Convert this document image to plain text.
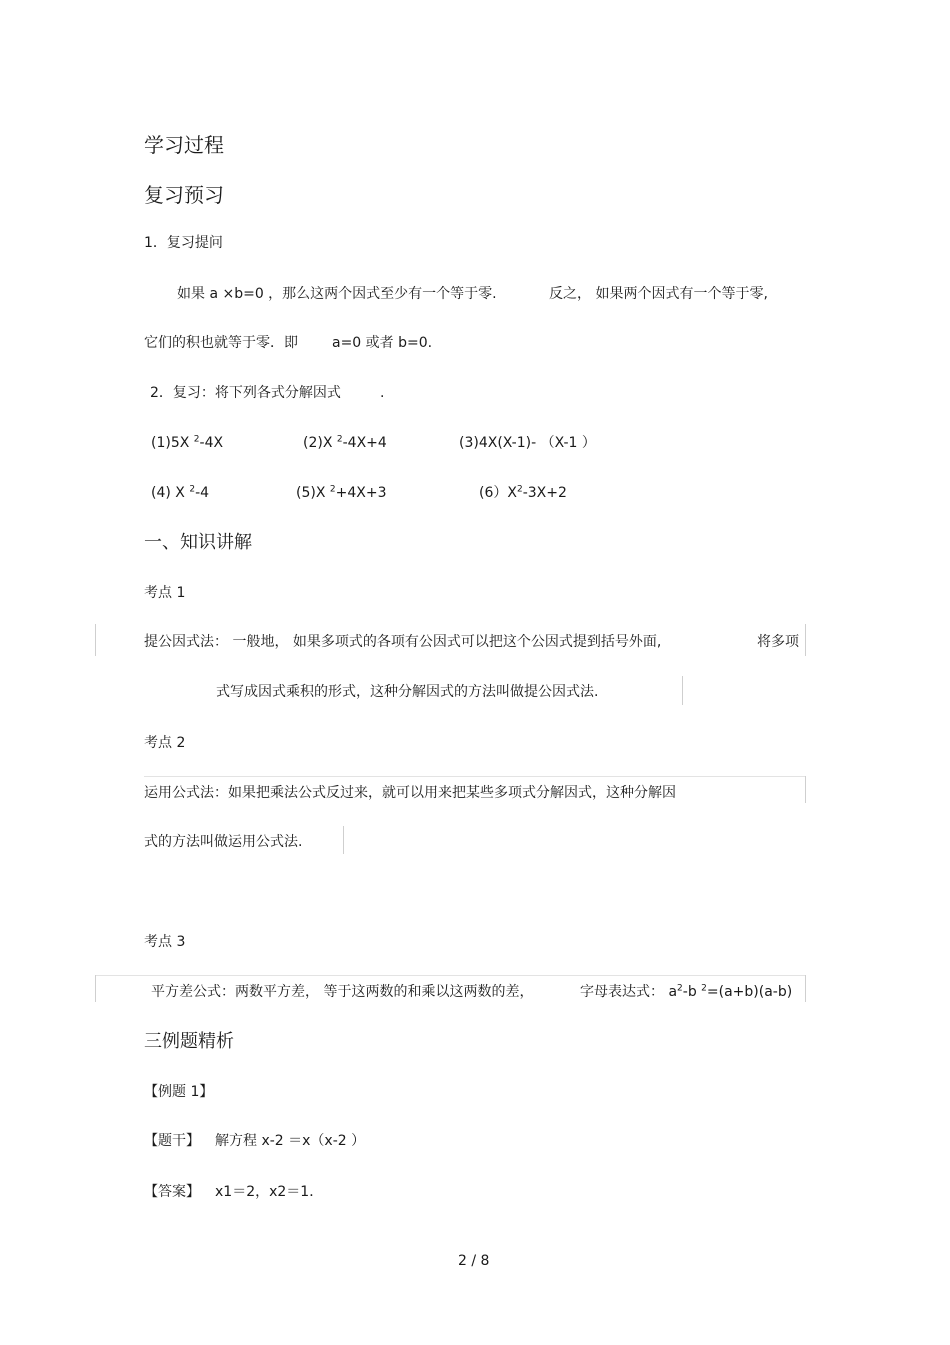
学习过程
复习预习
1．复习提问
如果 a ×b=0 ，那么这两个因式至少有一个等于零.	反之， 如果两个因式有一个等于零,
它们的积也就等于零．即 a=0 或者 b=0.
2．复习：将下列各式分解因式	.
(1)5X $^2$-4X	(2)X $^2$-4X+4	(3)4X(X-1)- （X-1 ）
(4) X $^2$-4	(5)X $^2$+4X+3	$(6)X^2-3X+2$
一、知识讲解
考点 1
提公因式法： 一般地， 如果多项式的各项有公因式可以把这个公因式提到括号外面,	将多项
式写成因式乘积的形式，这种分解因式的方法叫做提公因式法.
考点 2
运用公式法：如果把乘法公式反过来，就可以用来把某些多项式分解因式，这种分解因
式的方法叫做运用公式法.
考点 3
平方差公式：两数平方差， 等于这两数的和乘以这两数的差，	字母表达式： $a^2-b$ $^2$=(a+b)(a-b)
三例题精析
【例题 1】
【题干】 解方程 x-2 ＝x（x-2 ）
【答案】 x1＝2，x2＝1．
2 / 8
